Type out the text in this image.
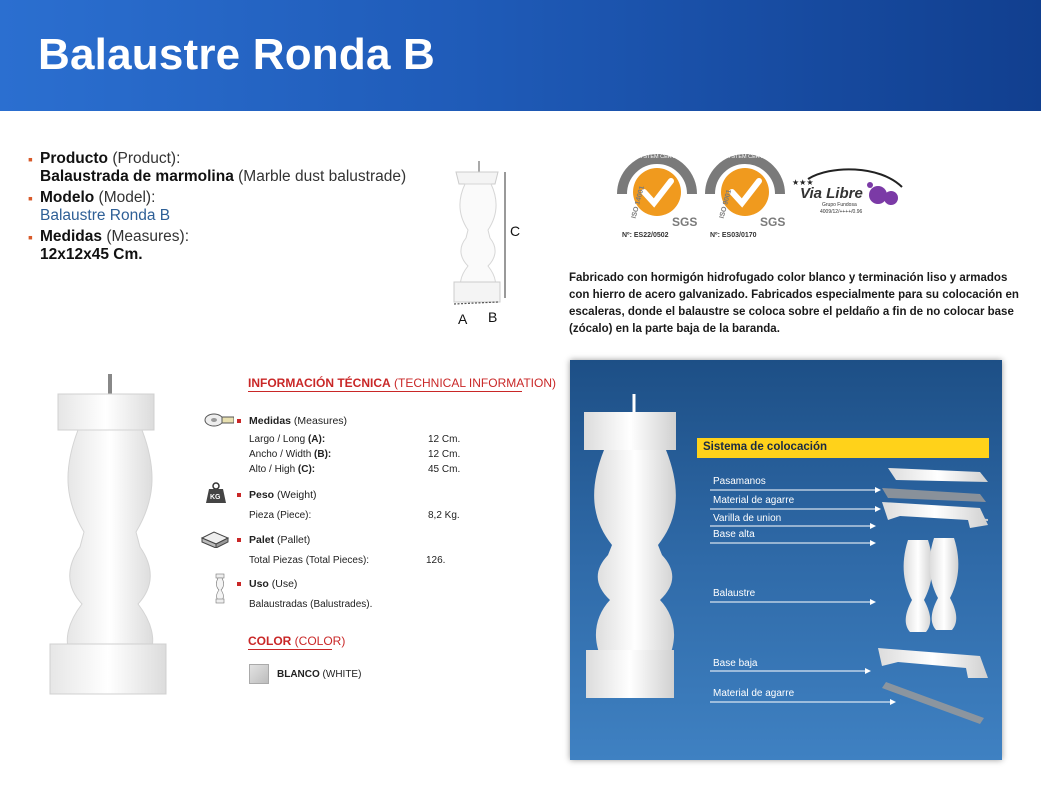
Balaustre Ronda B
▪ Producto (Product):
Balaustrada de marmolina (Marble dust balustrade)
▪ Modelo (Model):
Balaustre Ronda B
▪ Medidas (Measures):
12x12x45 Cm.
A B
C
SGS
ISO 14001
SYSTEM CERTIFICATION
Nº: ES22/0502
SGS
ISO 9001
SYSTEM CERTIFICATION
Nº: ES03/0170
★★★
Via Libre
Grupo Fundosa
4009/12/++++/0.96
Fabricado con hormigón hidrofugado color blanco y terminación liso y armados con hierro de acero galvanizado. Fabricados especialmente para su colocación en escaleras, donde el balaustre se coloca sobre el peldaño a fin de no colocar base (zócalo) en la parte baja de la baranda.
INFORMACIÓN TÉCNICA (TECHNICAL INFORMATION)
Medidas (Measures)
Largo / Long (A):	12 Cm.
Ancho / Width (B):	12 Cm.
Alto / High (C):	45 Cm.
KG	Peso (Weight)
Pieza (Piece):	8,2 Kg.
Palet (Pallet)
Total Piezas (Total Pieces):	126.
Uso (Use)
Balaustradas (Balustrades).
COLOR (COLOR)
BLANCO (WHITE)
Sistema de colocación
Pasamanos
Material de agarre
Varilla de union
Base alta
Balaustre
Base baja
Material de agarre
